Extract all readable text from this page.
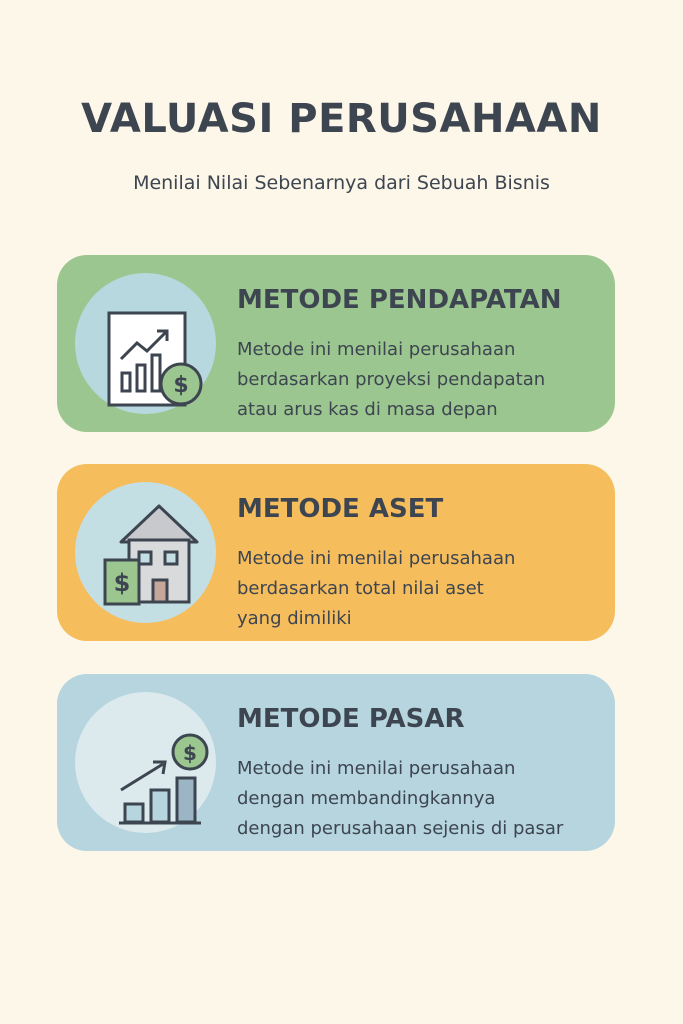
VALUASI PERUSAHAAN
Menilai Nilai Sebenarnya dari Sebuah Bisnis
$
METODE PENDAPATAN
Metode ini menilai perusahaan
berdasarkan proyeksi pendapatan
atau arus kas di masa depan
$
METODE ASET
Metode ini menilai perusahaan
berdasarkan total nilai aset
yang dimiliki
$
METODE PASAR
Metode ini menilai perusahaan
dengan membandingkannya
dengan perusahaan sejenis di pasar
